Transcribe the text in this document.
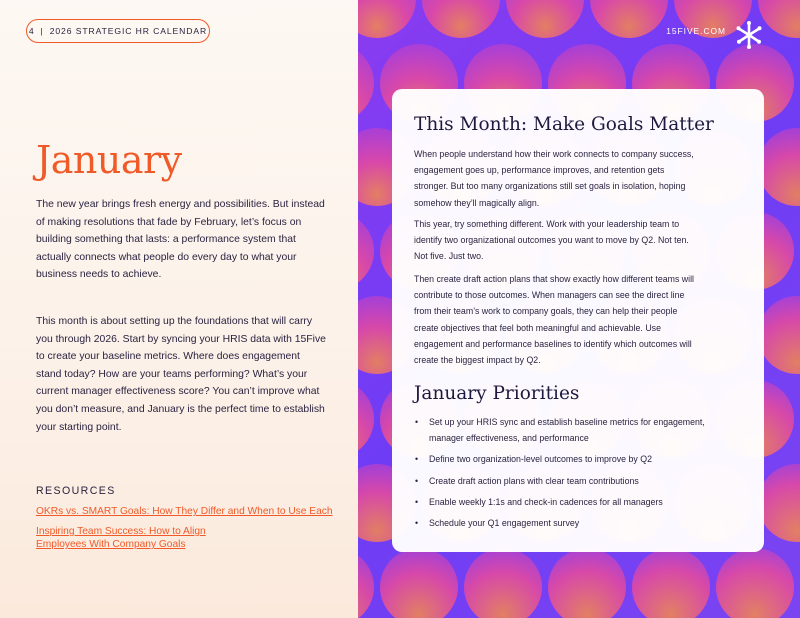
4 | 2026 STRATEGIC HR CALENDAR
January

The new year brings fresh energy and possibilities. But instead of making resolutions that fade by February, let’s focus on building something that lasts: a performance system that actually connects what people do every day to what your business needs to achieve.

This month is about setting up the foundations that will carry you through 2026. Start by syncing your HRIS data with 15Five to create your baseline metrics. Where does engagement stand today? How are your teams performing? What’s your current manager effectiveness score? You can’t improve what you don’t measure, and January is the perfect time to establish your starting point.

RESOURCES
OKRs vs. SMART Goals: How They Differ and When to Use Each
Inspiring Team Success: How to Align Employees With Company Goals
15FIVE.COM
This Month: Make Goals Matter

When people understand how their work connects to company success, engagement goes up, performance improves, and retention gets stronger. But too many organizations still set goals in isolation, hoping somehow they’ll magically align.

This year, try something different. Work with your leadership team to identify two organizational outcomes you want to move by Q2. Not ten. Not five. Just two.

Then create draft action plans that show exactly how different teams will contribute to those outcomes. When managers can see the direct line from their team’s work to company goals, they can help their people create objectives that feel both meaningful and achievable. Use engagement and performance baselines to identify which outcomes will create the biggest impact by Q2.

January Priorities
• Set up your HRIS sync and establish baseline metrics for engagement, manager effectiveness, and performance
• Define two organization-level outcomes to improve by Q2
• Create draft action plans with clear team contributions
• Enable weekly 1:1s and check-in cadences for all managers
• Schedule your Q1 engagement survey
